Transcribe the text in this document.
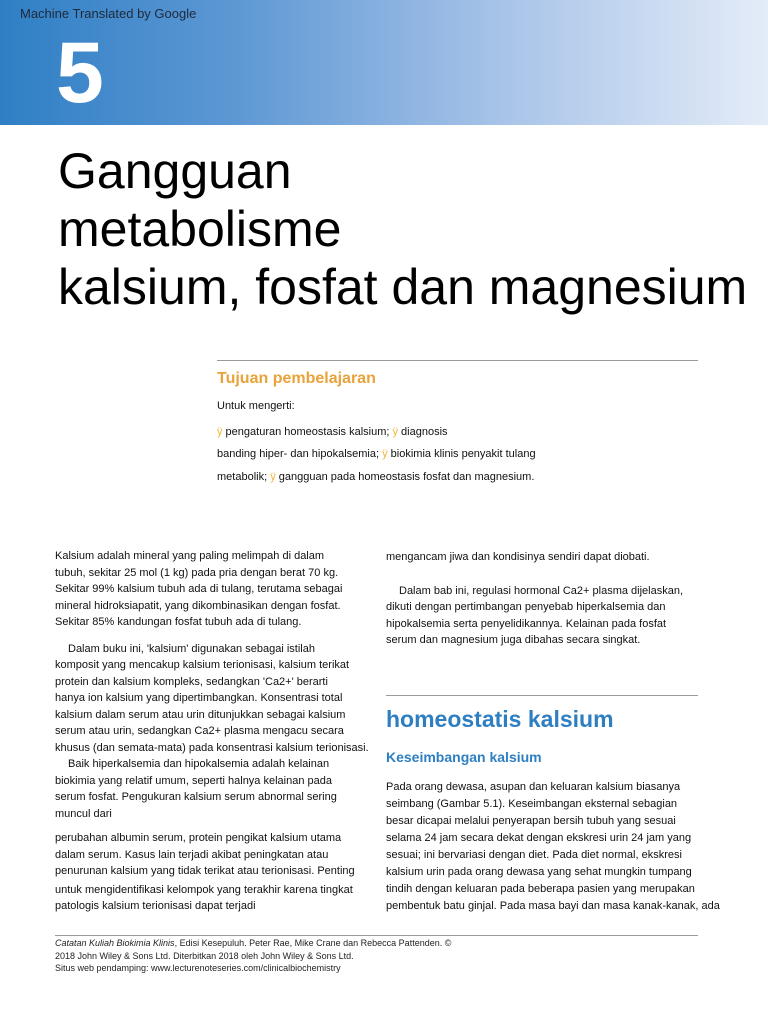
Machine Translated by Google
5
Gangguan
metabolisme
kalsium, fosfat dan magnesium
Tujuan pembelajaran
Untuk mengerti:
ÿ pengaturan homeostasis kalsium; ÿ diagnosis
banding hiper- dan hipokalsemia; ÿ biokimia klinis penyakit tulang
metabolik; ÿ gangguan pada homeostasis fosfat dan magnesium.

Kalsium adalah mineral yang paling melimpah di dalam

tubuh, sekitar 25 mol (1 kg) pada pria dengan berat 70 kg.

Sekitar 99% kalsium tubuh ada di tulang, terutama sebagai

mineral hidroksiapatit, yang dikombinasikan dengan fosfat.

Sekitar 85% kandungan fosfat tubuh ada di tulang.

Dalam buku ini, 'kalsium' digunakan sebagai istilah

komposit yang mencakup kalsium terionisasi, kalsium terikat

protein dan kalsium kompleks, sedangkan 'Ca2+' berarti

hanya ion kalsium yang dipertimbangkan. Konsentrasi total

kalsium dalam serum atau urin ditunjukkan sebagai kalsium

serum atau urin, sedangkan Ca2+ plasma mengacu secara

khusus (dan semata-mata) pada konsentrasi kalsium terionisasi.

Baik hiperkalsemia dan hipokalsemia adalah kelainan

biokimia yang relatif umum, seperti halnya kelainan pada

serum fosfat. Pengukuran kalsium serum abnormal sering

muncul dari

perubahan albumin serum, protein pengikat kalsium utama

dalam serum. Kasus lain terjadi akibat peningkatan atau

penurunan kalsium yang tidak terikat atau terionisasi. Penting

untuk mengidentifikasi kelompok yang terakhir karena tingkat

patologis kalsium terionisasi dapat terjadi

mengancam jiwa dan kondisinya sendiri dapat diobati.

Dalam bab ini, regulasi hormonal Ca2+ plasma dijelaskan,

dikuti dengan pertimbangan penyebab hiperkalsemia dan

hipokalsemia serta penyelidikannya. Kelainan pada fosfat

serum dan magnesium juga dibahas secara singkat.

homeostatis kalsium
Keseimbangan kalsium

Pada orang dewasa, asupan dan keluaran kalsium biasanya

seimbang (Gambar 5.1). Keseimbangan eksternal sebagian

besar dicapai melalui penyerapan bersih tubuh yang sesuai

selama 24 jam secara dekat dengan ekskresi urin 24 jam yang

sesuai; ini bervariasi dengan diet. Pada diet normal, ekskresi

kalsium urin pada orang dewasa yang sehat mungkin tumpang

tindih dengan keluaran pada beberapa pasien yang merupakan

pembentuk batu ginjal. Pada masa bayi dan masa kanak-kanak, ada

Catatan Kuliah Biokimia Klinis, Edisi Kesepuluh. Peter Rae, Mike Crane dan Rebecca Pattenden. ©

2018 John Wiley & Sons Ltd. Diterbitkan 2018 oleh John Wiley & Sons Ltd.

Situs web pendamping: www.lecturenoteseries.com/clinicalbiochemistry
